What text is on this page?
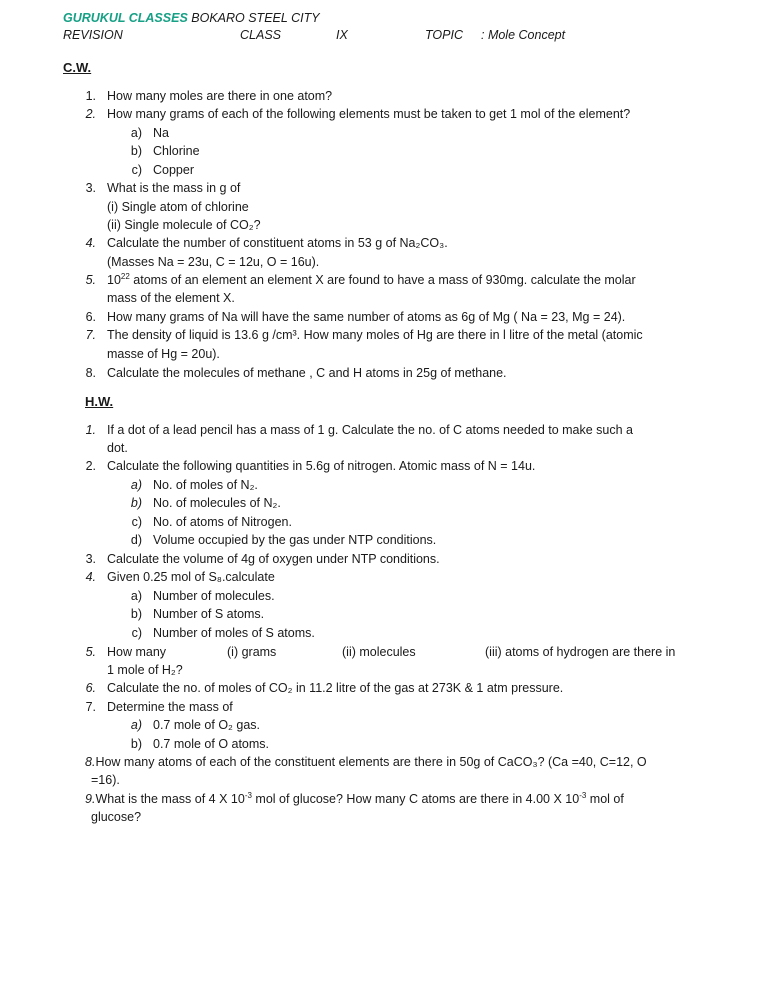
GURUKUL CLASSES BOKARO STEEL CITY
REVISION	CLASS	IX	TOPIC : Mole Concept
C.W.
1. How many moles are there in one atom?
2. How many grams of each of the following elements must be taken to get 1 mol of the element?
a) Na
b) Chlorine
c) Copper
3. What is the mass in g of
(i) Single atom of chlorine
(ii) Single molecule of CO₂?
4. Calculate the number of constituent atoms in 53 g of Na₂CO₃.
(Masses Na = 23u, C = 12u, O = 16u).
5. $10^{22}$ atoms of an element an element X are found to have a mass of 930mg. calculate the molar
mass of the element X.
6. How many grams of Na will have the same number of atoms as 6g of Mg ( Na = 23, Mg = 24).
7. The density of liquid is 13.6 g /cm³. How many moles of Hg are there in l litre of the metal (atomic
masse of Hg = 20u).
8. Calculate the molecules of methane , C and H atoms in 25g of methane.
H.W.
1. If a dot of a lead pencil has a mass of 1 g. Calculate the no. of C atoms needed to make such a
dot.
2. Calculate the following quantities in 5.6g of nitrogen. Atomic mass of N = 14u.
a) No. of moles of N₂.
b) No. of molecules of N₂.
c) No. of atoms of Nitrogen.
d) Volume occupied by the gas under NTP conditions.
3. Calculate the volume of 4g of oxygen under NTP conditions.
4. Given 0.25 mol of S₈.calculate
a) Number of molecules.
b) Number of S atoms.
c) Number of moles of S atoms.
5. How many	(i) grams	(ii) molecules	(iii) atoms of hydrogen are there in
1 mole of H₂?
6. Calculate the no. of moles of CO₂ in 11.2 litre of the gas at 273K & 1 atm pressure.
7. Determine the mass of
a) 0.7 mole of O₂ gas.
b) 0.7 mole of O atoms.
8.How many atoms of each of the constituent elements are there in 50g of CaCO₃? (Ca =40, C=12, O
=16).
9.What is the mass of 4 X $10^{-3}$ mol of glucose? How many C atoms are there in 4.00 X $10^{-3}$ mol of
glucose?
